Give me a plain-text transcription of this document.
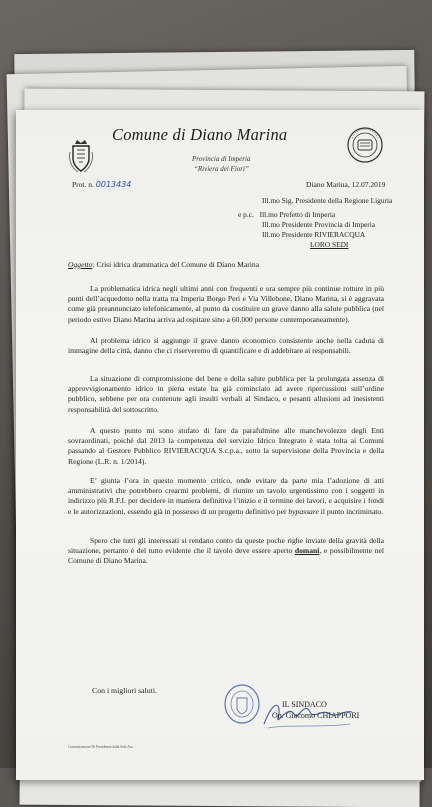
Comune di Diano Marina
Provincia di Imperia
“Riviera dei Fiori”
Prot. n. 0013434	Diano Marina, 12.07.2019
Ill.mo Sig. Presidente della Regione Liguria
e p.c. Ill.mo Prefetto di Imperia
Ill.mo Presidente Provincia di Imperia
Ill.mo Presidente RIVIERACQUA
LORO SEDI
Oggetto: Crisi idrica drammatica del Comune di Diano Marina

La problematica idrica negli ultimi anni con frequenti e ora sempre più continue rotture in più punti dell’acquedotto nella tratta tra Imperia Borgo Peri e Via Villebone, Diano Marina, si è aggravata come già preannunciato telefonicamente, al punto da costituire un grave danno alla salute pubblica (nel periodo estivo Diano Marina arriva ad ospitare sino a 60.000 persone contemporaneamente).

Al problema idrico si aggiunge il grave danno economico consistente anche nella caduta di immagine della città, danno che ci riserveremo di quantificare e di addebitare ai responsabili.

La situazione di compromissione del bene e della salute pubblica per la prolungata assenza di approvvigionamento idrico in piena estate ha già cominciato ad avere ripercussioni sull’ordine pubblico, sebbene per ora contenute agli insulti verbali al Sindaco, e pesanti allusioni ad inesistenti responsabilità del sottoscritto.

A questo punto mi sono stufato di fare da parafulmine alle manchevolezze degli Enti sovraordinati, poiché dal 2013 la competenza del servizio Idrico Integrato è stata tolta ai Comuni passando al Gestore Pubblico RIVIERACQUA S.c.p.a., sotto la supervisione della Provincia e della Regione (L.R. n. 1/2014).

E’ giunta l’ora in questo momento critico, onde evitare da parte mia l’adozione di atti amministrativi che potrebbero crearmi problemi, di riunire un tavolo urgentissimo con i soggetti in indirizzo più R.F.I. per decidere in maniera definitiva l’inizio e il termine dei lavori, e acquisire i fondi e le autorizzazioni, essendo già in possesso di un progetto definitivo per bypassare il punto incriminato.

Spero che tutti gli interessati si rendano conto da queste poche righe inviate della gravità della situazione, pertanto è del tutto evidente che il tavolo deve essere aperto domani, e possibilmente nel Comune di Diano Marina.

Con i migliori saluti.
IL SINDACO
On. Giacomo CHIAPPORI
Comunicazione Di Presidenza dalla Sala Ass.
